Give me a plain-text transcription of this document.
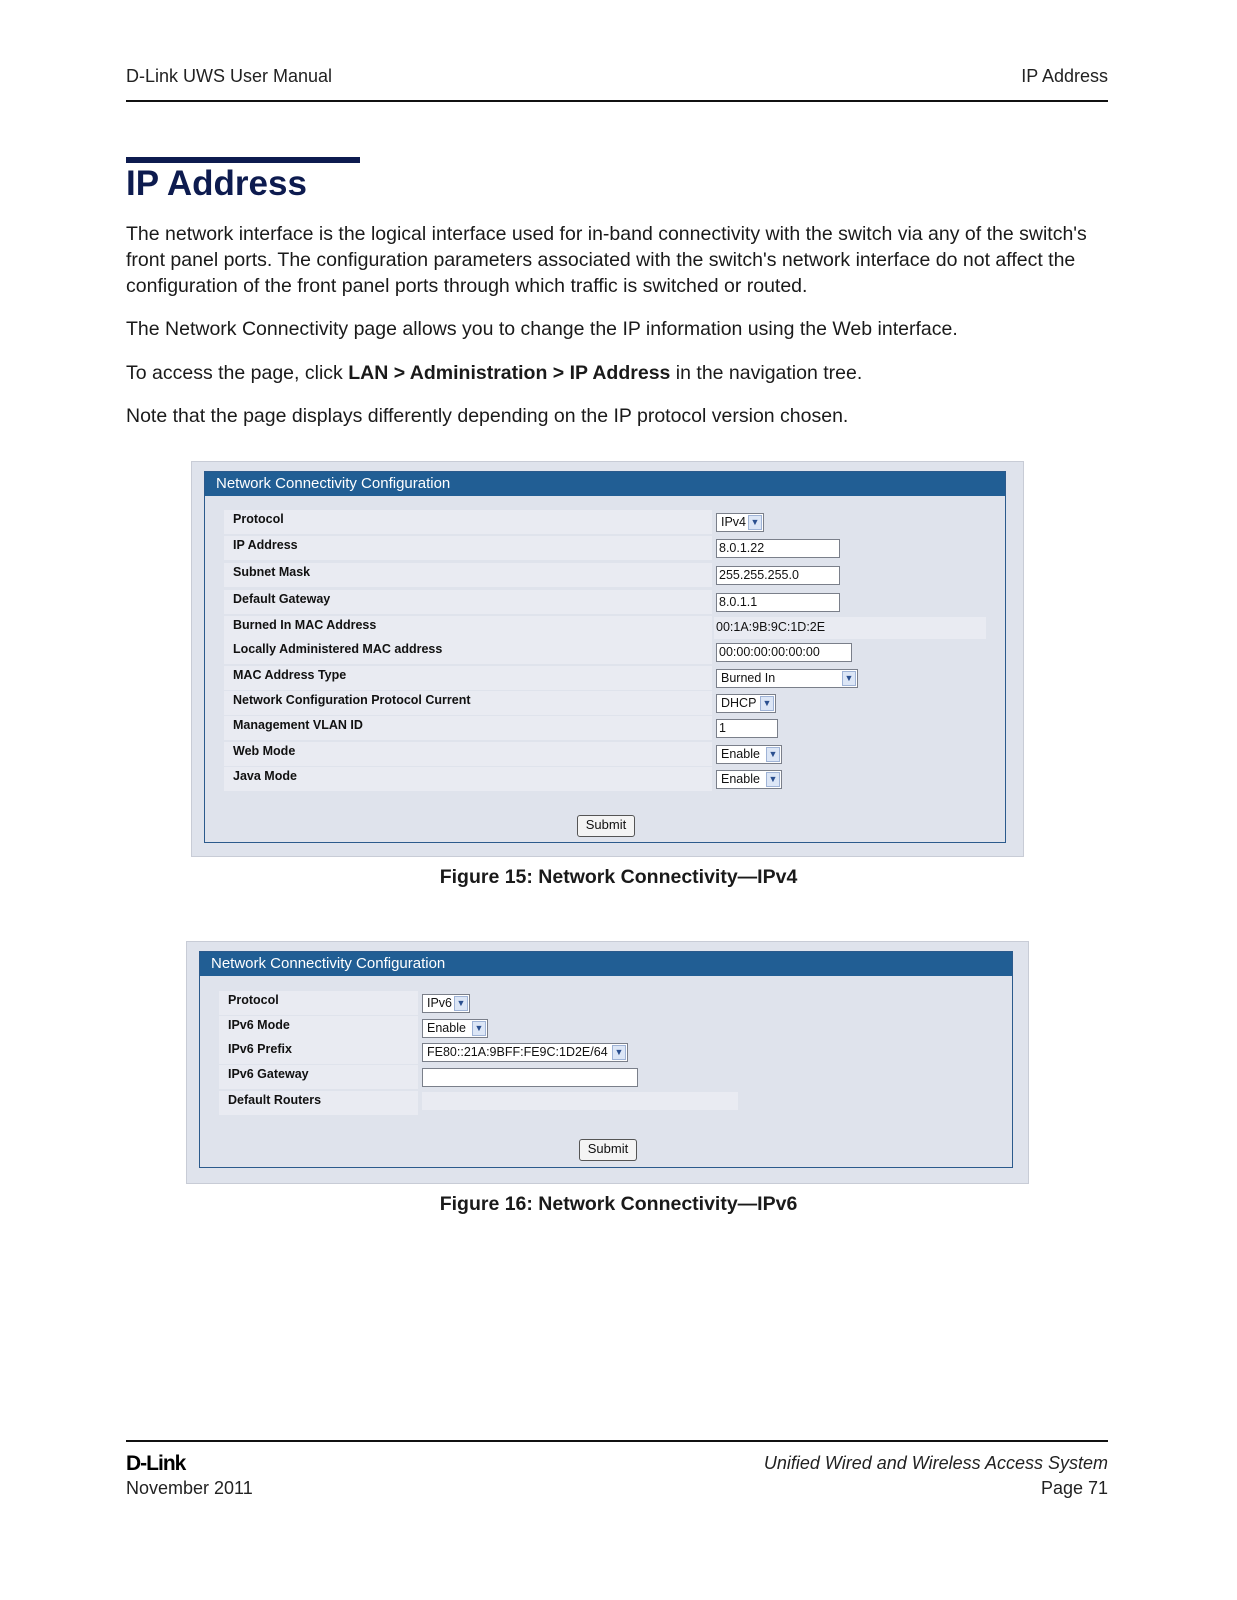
D-Link UWS User Manual	IP Address
IP Address

The network interface is the logical interface used for in-band connectivity with the switch via any of the switch's front panel ports. The configuration parameters associated with the switch's network interface do not affect the configuration of the front panel ports through which traffic is switched or routed.

The Network Connectivity page allows you to change the IP information using the Web interface.

To access the page, click LAN > Administration > IP Address in the navigation tree.

Note that the page displays differently depending on the IP protocol version chosen.

Network Connectivity Configuration
Protocol	IPv4 ▼
IP Address	8.0.1.22
Subnet Mask	255.255.255.0
Default Gateway	8.0.1.1
Burned In MAC Address	00:1A:9B:9C:1D:2E
Locally Administered MAC address	00:00:00:00:00:00
MAC Address Type	Burned In	▼
Network Configuration Protocol Current	DHCP ▼
Management VLAN ID	1
Web Mode	Enable ▼
Java Mode	Enable ▼
Submit
Figure 15: Network Connectivity—IPv4
Network Connectivity Configuration
Protocol	IPv6 ▼
IPv6 Mode	Enable ▼
IPv6 Prefix	FE80::21A:9BFF:FE9C:1D2E/64 ▼
IPv6 Gateway
Default Routers
Submit
Figure 16: Network Connectivity—IPv6
D-Link
November 2011
Unified Wired and Wireless Access System
Page 71
